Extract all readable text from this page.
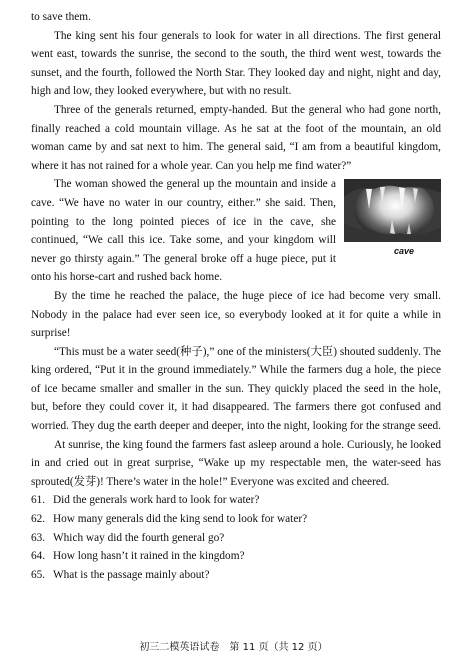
to save them.

The king sent his four generals to look for water in all directions. The first general went east, towards the sunrise, the second to the south, the third went west, towards the sunset, and the fourth, followed the North Star. They looked day and night, night and day, high and low, they looked everywhere, but with no result.

Three of the generals returned, empty-handed. But the general who had gone north, finally reached a cold mountain village. As he sat at the foot of the mountain, an old woman came by and sat next to him. The general said, “I am from a beautiful kingdom, where it has not rained for a whole year. Can you help me find water?”

cave
The woman showed the general up the mountain and inside a cave. “We have no water in our country, either.” she said. Then, pointing to the long pointed pieces of ice in the cave, she continued, “We call this ice. Take some, and your kingdom will never go thirsty again.” The general broke off a huge piece, put it onto his horse-cart and rushed back home.

By the time he reached the palace, the huge piece of ice had become very small. Nobody in the palace had ever seen ice, so everybody looked at it for quite a while in surprise!

“This must be a water seed(种子),” one of the ministers(大臣) shouted suddenly. The king ordered, “Put it in the ground immediately.” While the farmers dug a hole, the piece of ice became smaller and smaller in the sun. They quickly placed the seed in the hole, but, before they could cover it, it had disappeared. The farmers there got confused and worried. They dug the earth deeper and deeper, into the night, looking for the strange seed.

At sunrise, the king found the farmers fast asleep around a hole. Curiously, he looked in and cried out in great surprise, “Wake up my respectable men, the water-seed has sprouted(发芽)! There’s water in the hole!” Everyone was excited and cheered.

61. Did the generals work hard to look for water?
62. How many generals did the king send to look for water?
63. Which way did the fourth general go?
64. How long hasn’t it rained in the kingdom?
65. What is the passage mainly about?
初三二模英语试卷　第 11 页（共 12 页）
